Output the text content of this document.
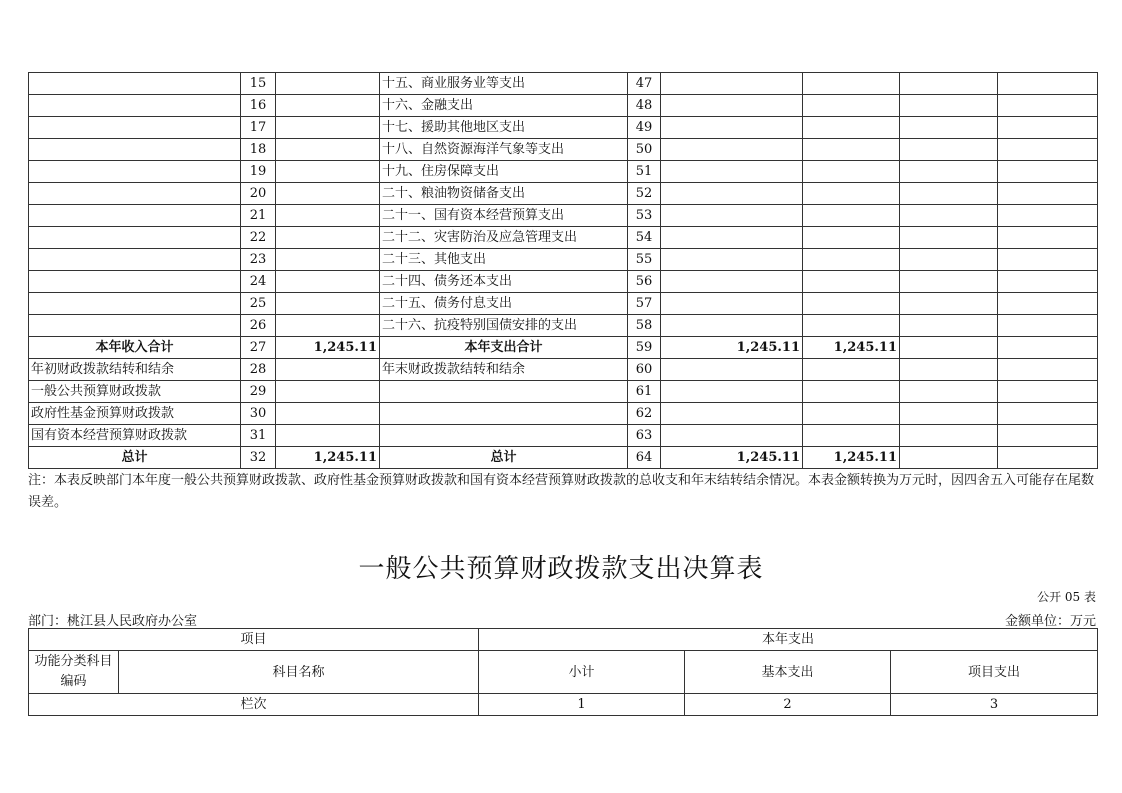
	15		十五、商业服务业等支出	47				
	16		十六、金融支出	48				
	17		十七、援助其他地区支出	49				
	18		十八、自然资源海洋气象等支出	50				
	19		十九、住房保障支出	51				
	20		二十、粮油物资储备支出	52				
	21		二十一、国有资本经营预算支出	53				
	22		二十二、灾害防治及应急管理支出	54				
	23		二十三、其他支出	55				
	24		二十四、债务还本支出	56				
	25		二十五、债务付息支出	57				
	26		二十六、抗疫特别国债安排的支出	58				
本年收入合计	27	1,245.11	本年支出合计	59	1,245.11	1,245.11		
年初财政拨款结转和结余	28		年末财政拨款结转和结余	60				
一般公共预算财政拨款	29			61				
政府性基金预算财政拨款	30			62				
国有资本经营预算财政拨款	31			63				
总计	32	1,245.11	总计	64	1,245.11	1,245.11		
注：本表反映部门本年度一般公共预算财政拨款、政府性基金预算财政拨款和国有资本经营预算财政拨款的总收支和年末结转结余情况。本表金额转换为万元时，因四舍五入可能存在尾数误差。
一般公共预算财政拨款支出决算表
公开 05 表
部门：桃江县人民政府办公室	金额单位：万元
项目		本年支出		
功能分类科目编码	科目名称	小计	基本支出	项目支出
栏次		1	2	3
